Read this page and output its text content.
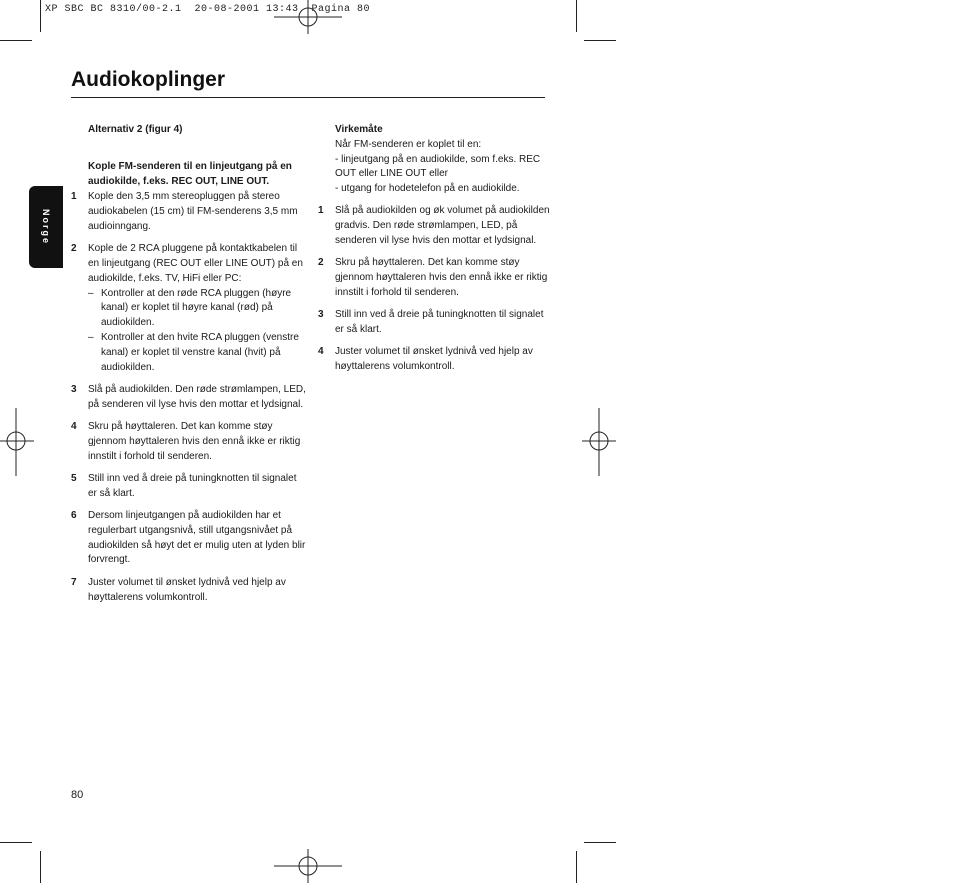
XP SBC BC 8310/00-2.1  20-08-2001 13:43  Pagina 80
Audiokoplinger
Norge
Alternativ 2 (figur 4)
Kople FM-senderen til en linjeutgang på en audiokilde, f.eks. REC OUT, LINE OUT.
1	Kople den 3,5 mm stereopluggen på stereo audiokabelen (15 cm) til FM-senderens 3,5 mm audioinngang.
2	Kople de 2 RCA pluggene på kontaktkabelen til en linjeutgang (REC OUT eller LINE OUT) på en audiokilde, f.eks. TV, HiFi eller PC:
– Kontroller at den røde RCA pluggen (høyre kanal) er koplet til høyre kanal (rød) på audiokilden.
– Kontroller at den hvite RCA pluggen (venstre kanal) er koplet til venstre kanal (hvit) på audiokilden.
3	Slå på audiokilden. Den røde strømlampen, LED, på senderen vil lyse hvis den mottar et lydsignal.
4	Skru på høyttaleren. Det kan komme støy gjennom høyttaleren hvis den ennå ikke er riktig innstilt i forhold til senderen.
5	Still inn ved å dreie på tuningknotten til signalet er så klart.
6	Dersom linjeutgangen på audiokilden har et regulerbart utgangsnivå, still utgangsnivået på audiokilden så høyt det er mulig uten at lyden blir forvrengt.
7	Juster volumet til ønsket lydnivå ved hjelp av høyttalerens volumkontroll.
Virkemåte
Når FM-senderen er koplet til en:
- linjeutgang på en audiokilde, som f.eks. REC OUT eller LINE OUT eller
- utgang for hodetelefon på en audiokilde.
1	Slå på audiokilden og øk volumet på audiokilden gradvis. Den røde strømlampen, LED, på senderen vil lyse hvis den mottar et lydsignal.
2	Skru på høyttaleren. Det kan komme støy gjennom høyttaleren hvis den ennå ikke er riktig innstilt i forhold til senderen.
3	Still inn ved å dreie på tuningknotten til signalet er så klart.
4	Juster volumet til ønsket lydnivå ved hjelp av høyttalerens volumkontroll.
80
